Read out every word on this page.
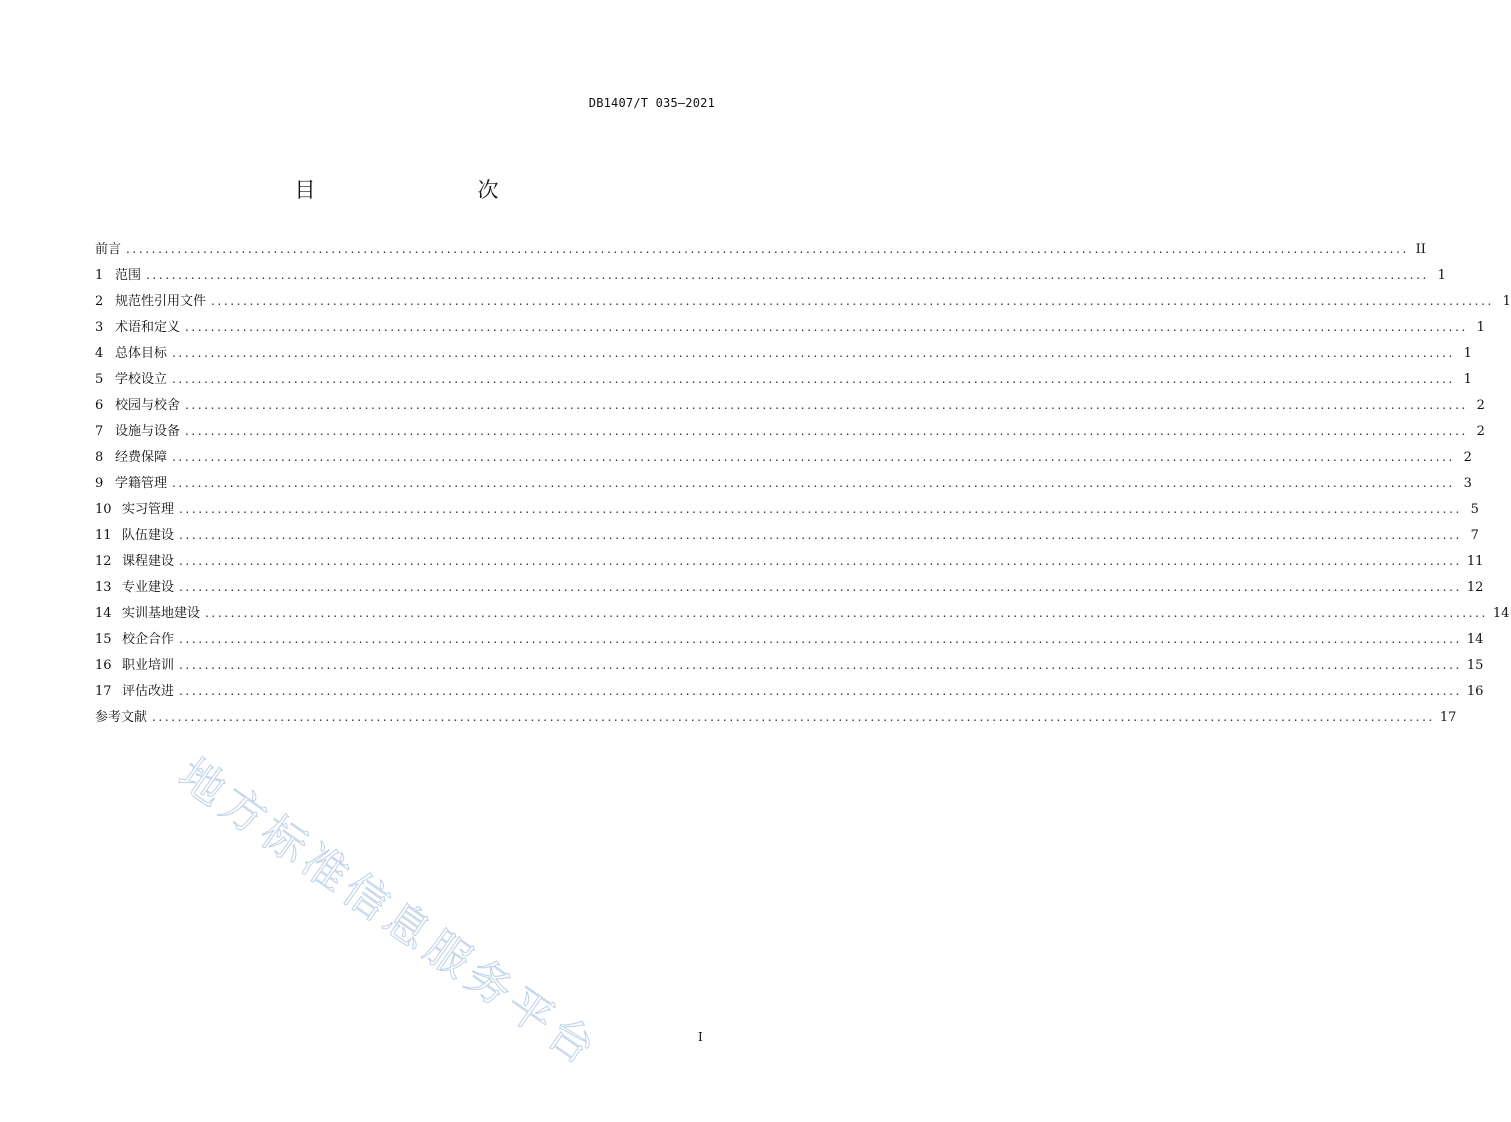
DB1407/T 035—2021
目　　次
前言 ........................................................................................................................................................................................................ II
1 范围 ........................................................................................................................................................................................................ 1
2 规范性引用文件 ........................................................................................................................................................................................................ 1
3 术语和定义 ........................................................................................................................................................................................................ 1
4 总体目标 ........................................................................................................................................................................................................ 1
5 学校设立 ........................................................................................................................................................................................................ 1
6 校园与校舍 ........................................................................................................................................................................................................ 2
7 设施与设备 ........................................................................................................................................................................................................ 2
8 经费保障 ........................................................................................................................................................................................................ 2
9 学籍管理 ........................................................................................................................................................................................................ 3
10 实习管理 ........................................................................................................................................................................................................ 5
11 队伍建设 ........................................................................................................................................................................................................ 7
12 课程建设 ........................................................................................................................................................................................................ 11
13 专业建设 ........................................................................................................................................................................................................ 12
14 实训基地建设 ........................................................................................................................................................................................................ 14
15 校企合作 ........................................................................................................................................................................................................ 14
16 职业培训 ........................................................................................................................................................................................................ 15
17 评估改进 ........................................................................................................................................................................................................ 16
参考文献 ........................................................................................................................................................................................................ 17
地方标准信息服务平台	I
